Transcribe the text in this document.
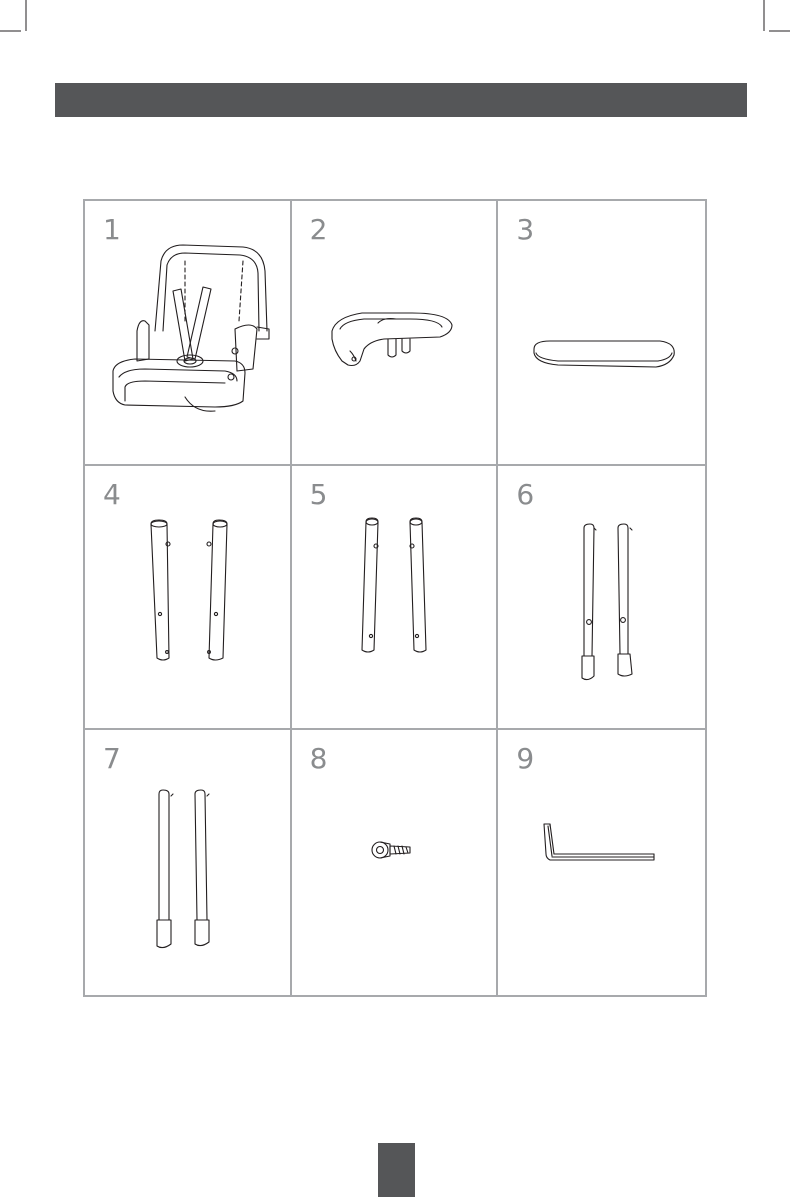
1	2	3
4	5	6
7	8	9
